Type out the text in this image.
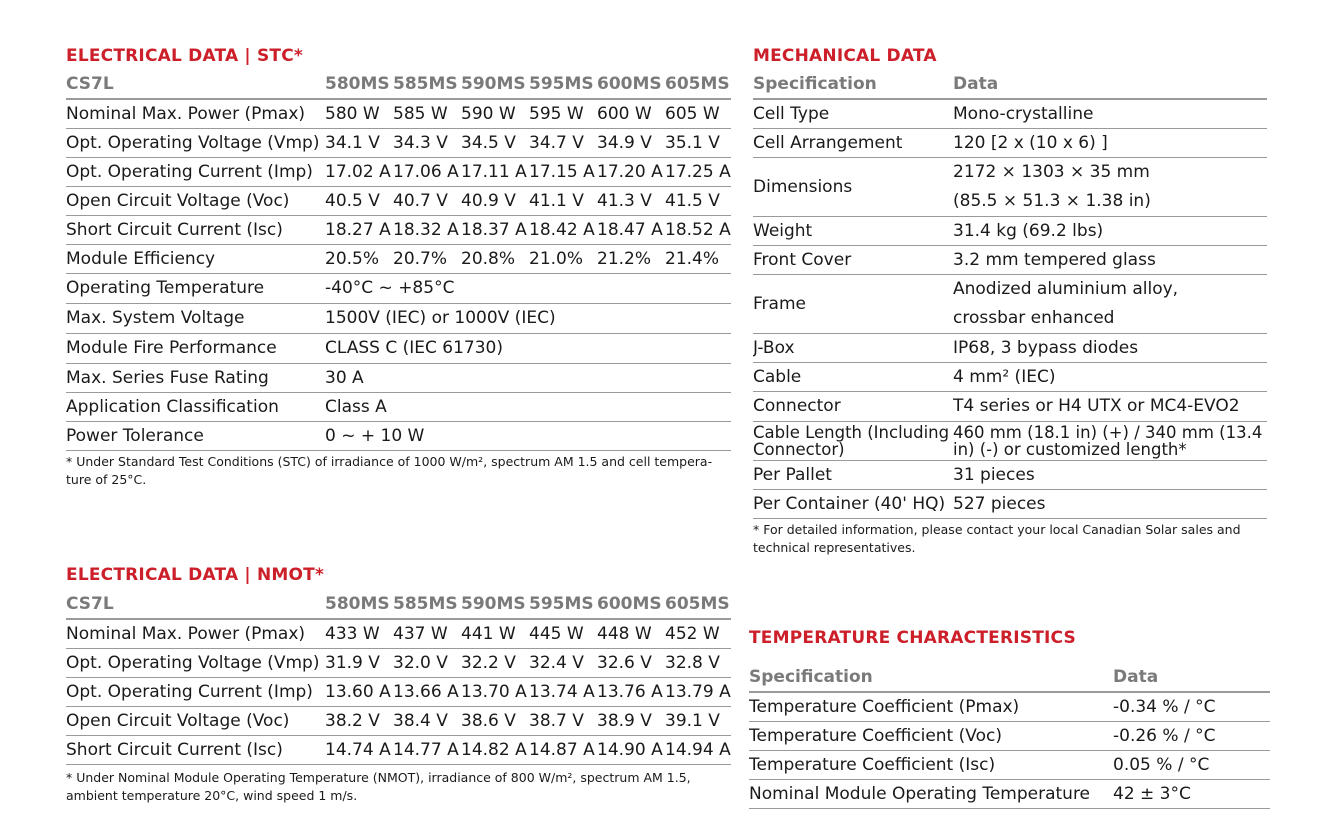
ELECTRICAL DATA | STC*
CS7L	580MS	585MS	590MS	595MS	600MS	605MS
Nominal Max. Power (Pmax)	580 W	585 W	590 W	595 W	600 W	605 W
Opt. Operating Voltage (Vmp)	34.1 V	34.3 V	34.5 V	34.7 V	34.9 V	35.1 V
Opt. Operating Current (Imp)	17.02 A	17.06 A	17.11 A	17.15 A	17.20 A	17.25 A
Open Circuit Voltage (Voc)	40.5 V	40.7 V	40.9 V	41.1 V	41.3 V	41.5 V
Short Circuit Current (Isc)	18.27 A	18.32 A	18.37 A	18.42 A	18.47 A	18.52 A
Module Efficiency	20.5%	20.7%	20.8%	21.0%	21.2%	21.4%
Operating Temperature	-40°C ~ +85°C					
Max. System Voltage	1500V (IEC) or 1000V (IEC)					
Module Fire Performance	CLASS C (IEC 61730)					
Max. Series Fuse Rating	30 A					
Application Classification	Class A					
Power Tolerance	0 ~ + 10 W					
* Under Standard Test Conditions (STC) of irradiance of 1000 W/m², spectrum AM 1.5 and cell tempera-ture of 25°C.
ELECTRICAL DATA | NMOT*
CS7L	580MS	585MS	590MS	595MS	600MS	605MS
Nominal Max. Power (Pmax)	433 W	437 W	441 W	445 W	448 W	452 W
Opt. Operating Voltage (Vmp)	31.9 V	32.0 V	32.2 V	32.4 V	32.6 V	32.8 V
Opt. Operating Current (Imp)	13.60 A	13.66 A	13.70 A	13.74 A	13.76 A	13.79 A
Open Circuit Voltage (Voc)	38.2 V	38.4 V	38.6 V	38.7 V	38.9 V	39.1 V
Short Circuit Current (Isc)	14.74 A	14.77 A	14.82 A	14.87 A	14.90 A	14.94 A
* Under Nominal Module Operating Temperature (NMOT), irradiance of 800 W/m², spectrum AM 1.5, ambient temperature 20°C, wind speed 1 m/s.
MECHANICAL DATA
Specification	Data
Cell Type	Mono-crystalline
Cell Arrangement	120 [2 x (10 x 6) ]
Dimensions	2172 × 1303 × 35 mm
(85.5 × 51.3 × 1.38 in)

Weight	31.4 kg (69.2 lbs)
Front Cover	3.2 mm tempered glass
Frame	Anodized aluminium alloy,
crossbar enhanced

J-Box	IP68, 3 bypass diodes
Cable	4 mm² (IEC)
Connector	T4 series or H4 UTX or MC4-EVO2
Cable Length (Including Connector)	460 mm (18.1 in) (+) / 340 mm (13.4 in) (-) or customized length*
Per Pallet	31 pieces
Per Container (40' HQ)	527 pieces
* For detailed information, please contact your local Canadian Solar sales and technical representatives.
TEMPERATURE CHARACTERISTICS
Specification	Data
Temperature Coefficient (Pmax)	-0.34 % / °C
Temperature Coefficient (Voc)	-0.26 % / °C
Temperature Coefficient (Isc)	0.05 % / °C
Nominal Module Operating Temperature	42 ± 3°C
